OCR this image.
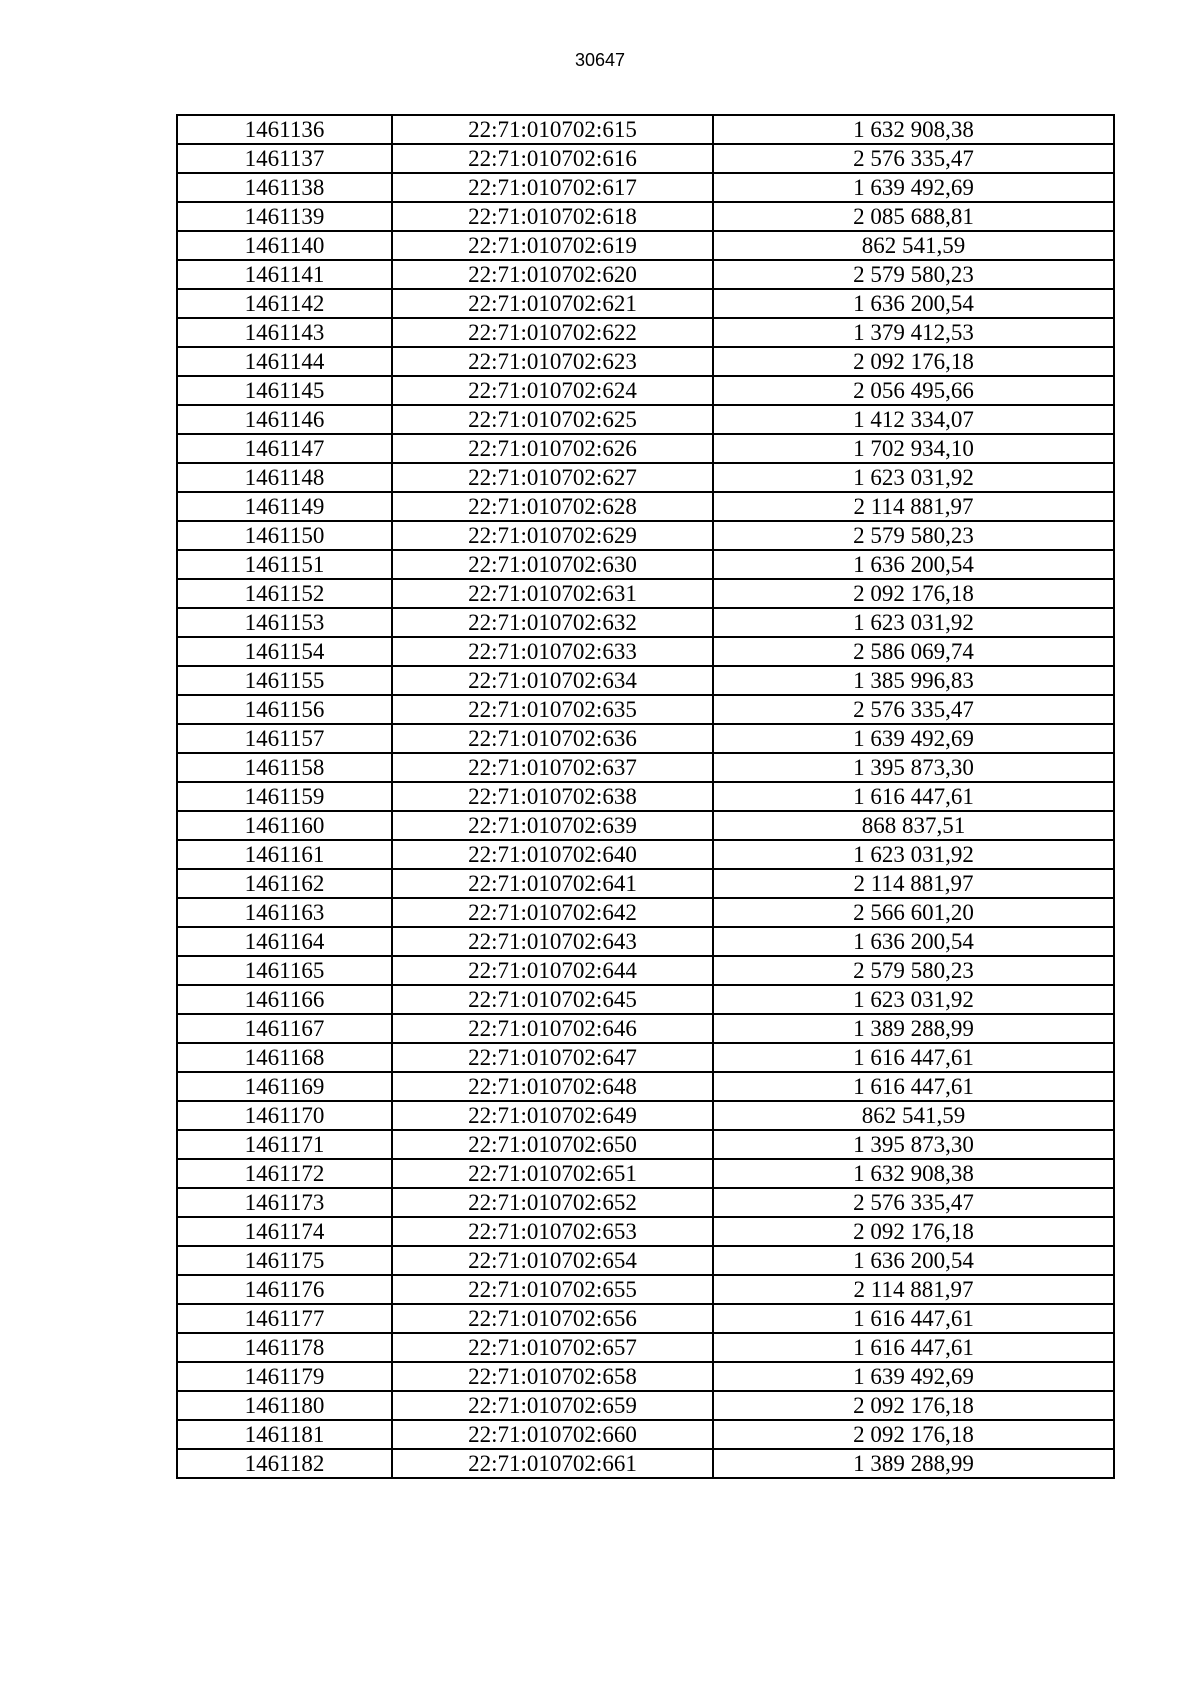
30647
1461136	22:71:010702:615	1 632 908,38
1461137	22:71:010702:616	2 576 335,47
1461138	22:71:010702:617	1 639 492,69
1461139	22:71:010702:618	2 085 688,81
1461140	22:71:010702:619	862 541,59
1461141	22:71:010702:620	2 579 580,23
1461142	22:71:010702:621	1 636 200,54
1461143	22:71:010702:622	1 379 412,53
1461144	22:71:010702:623	2 092 176,18
1461145	22:71:010702:624	2 056 495,66
1461146	22:71:010702:625	1 412 334,07
1461147	22:71:010702:626	1 702 934,10
1461148	22:71:010702:627	1 623 031,92
1461149	22:71:010702:628	2 114 881,97
1461150	22:71:010702:629	2 579 580,23
1461151	22:71:010702:630	1 636 200,54
1461152	22:71:010702:631	2 092 176,18
1461153	22:71:010702:632	1 623 031,92
1461154	22:71:010702:633	2 586 069,74
1461155	22:71:010702:634	1 385 996,83
1461156	22:71:010702:635	2 576 335,47
1461157	22:71:010702:636	1 639 492,69
1461158	22:71:010702:637	1 395 873,30
1461159	22:71:010702:638	1 616 447,61
1461160	22:71:010702:639	868 837,51
1461161	22:71:010702:640	1 623 031,92
1461162	22:71:010702:641	2 114 881,97
1461163	22:71:010702:642	2 566 601,20
1461164	22:71:010702:643	1 636 200,54
1461165	22:71:010702:644	2 579 580,23
1461166	22:71:010702:645	1 623 031,92
1461167	22:71:010702:646	1 389 288,99
1461168	22:71:010702:647	1 616 447,61
1461169	22:71:010702:648	1 616 447,61
1461170	22:71:010702:649	862 541,59
1461171	22:71:010702:650	1 395 873,30
1461172	22:71:010702:651	1 632 908,38
1461173	22:71:010702:652	2 576 335,47
1461174	22:71:010702:653	2 092 176,18
1461175	22:71:010702:654	1 636 200,54
1461176	22:71:010702:655	2 114 881,97
1461177	22:71:010702:656	1 616 447,61
1461178	22:71:010702:657	1 616 447,61
1461179	22:71:010702:658	1 639 492,69
1461180	22:71:010702:659	2 092 176,18
1461181	22:71:010702:660	2 092 176,18
1461182	22:71:010702:661	1 389 288,99
